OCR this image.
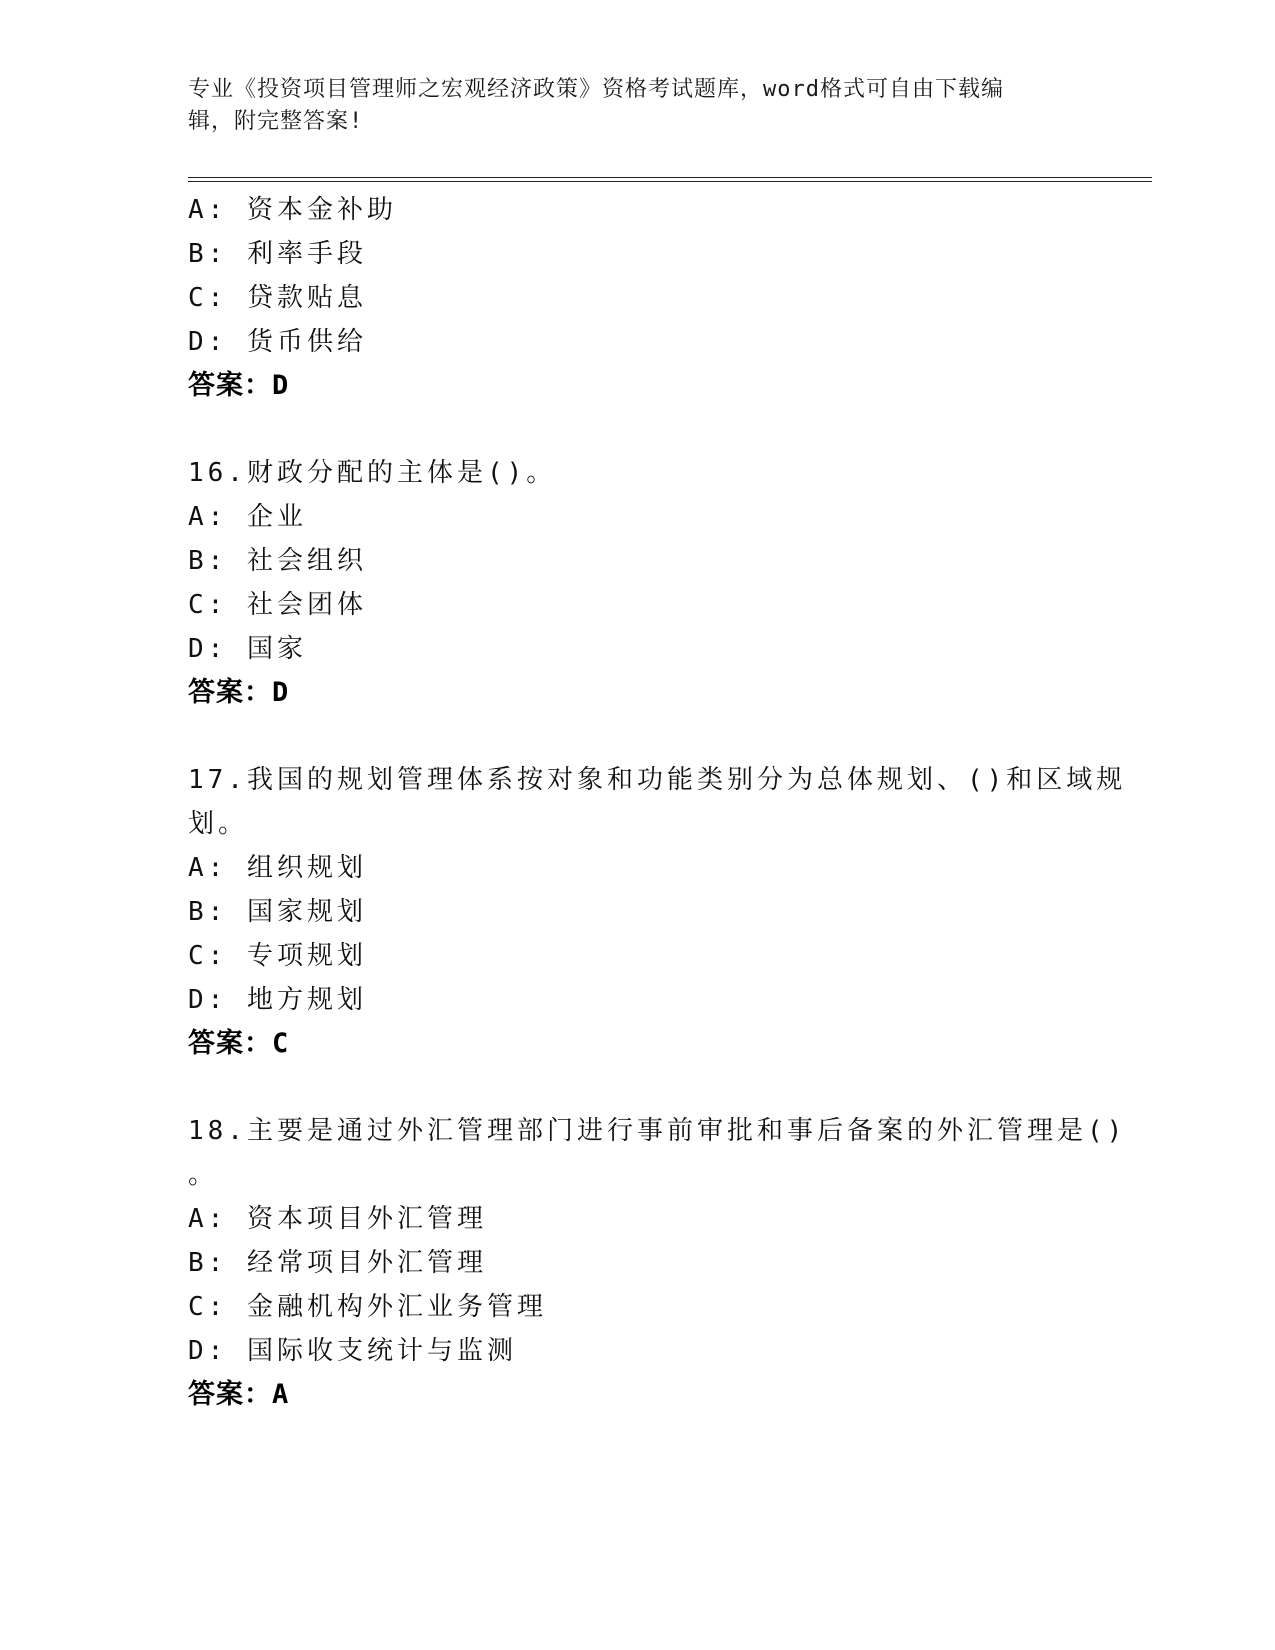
专业《投资项目管理师之宏观经济政策》资格考试题库，word格式可自由下载编
辑，附完整答案!
A: 资本金补助
B: 利率手段
C: 贷款贴息
D: 货币供给
答案：D
16.财政分配的主体是()。
A: 企业
B: 社会组织
C: 社会团体
D: 国家
答案：D
17.我国的规划管理体系按对象和功能类别分为总体规划、()和区域规
划。
A: 组织规划
B: 国家规划
C: 专项规划
D: 地方规划
答案：C
18.主要是通过外汇管理部门进行事前审批和事后备案的外汇管理是()
。
A: 资本项目外汇管理
B: 经常项目外汇管理
C: 金融机构外汇业务管理
D: 国际收支统计与监测
答案：A
